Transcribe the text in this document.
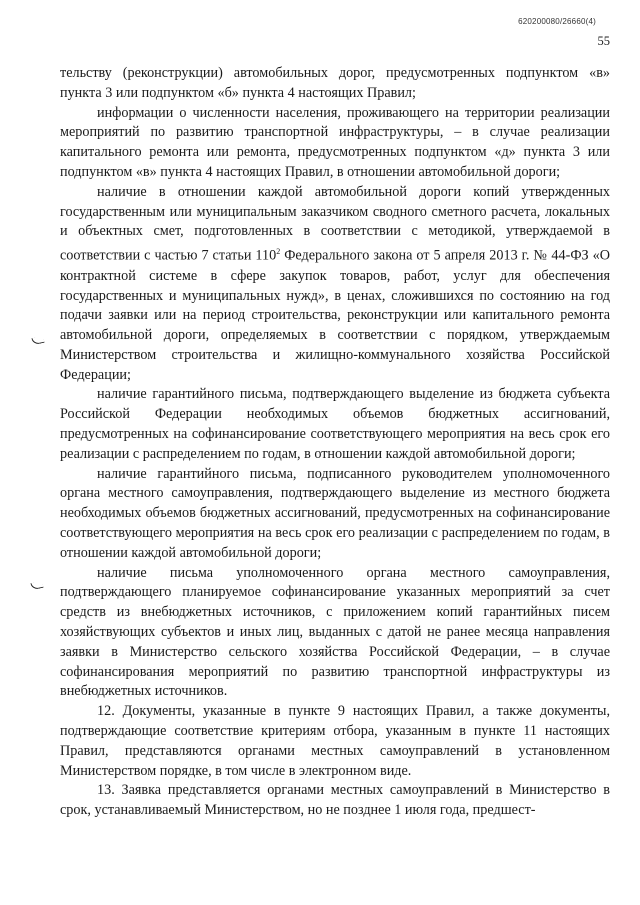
620200080/26660(4)
55

тельству (реконструкции) автомобильных дорог, предусмотренных подпунктом «в» пункта 3 или подпунктом «б» пункта 4 настоящих Правил;

информации о численности населения, проживающего на территории реализации мероприятий по развитию транспортной инфраструктуры, – в случае реализации капитального ремонта или ремонта, предусмотренных подпунктом «д» пункта 3 или подпунктом «в» пункта 4 настоящих Правил, в отношении автомобильной дороги;

наличие в отношении каждой автомобильной дороги копий утвержденных государственным или муниципальным заказчиком сводного сметного расчета, локальных и объектных смет, подготовленных в соответствии с методикой, утверждаемой в соответствии с частью 7 статьи $110^2$ Федерального закона от 5 апреля 2013 г. № 44-ФЗ «О контрактной системе в сфере закупок товаров, работ, услуг для обеспечения государственных и муниципальных нужд», в ценах, сложившихся по состоянию на год подачи заявки или на период строительства, реконструкции или капитального ремонта автомобильной дороги, определяемых в соответствии с порядком, утверждаемым Министерством строительства и жилищно-коммунального хозяйства Российской Федерации;

наличие гарантийного письма, подтверждающего выделение из бюджета субъекта Российской Федерации необходимых объемов бюджетных ассигнований, предусмотренных на софинансирование соответствующего мероприятия на весь срок его реализации с распределением по годам, в отношении каждой автомобильной дороги;

наличие гарантийного письма, подписанного руководителем уполномоченного органа местного самоуправления, подтверждающего выделение из местного бюджета необходимых объемов бюджетных ассигнований, предусмотренных на софинансирование соответствующего мероприятия на весь срок его реализации с распределением по годам, в отношении каждой автомобильной дороги;

наличие письма уполномоченного органа местного самоуправления, подтверждающего планируемое софинансирование указанных мероприятий за счет средств из внебюджетных источников, с приложением копий гарантийных писем хозяйствующих субъектов и иных лиц, выданных с датой не ранее месяца направления заявки в Министерство сельского хозяйства Российской Федерации, – в случае софинансирования мероприятий по развитию транспортной инфраструктуры из внебюджетных источников.

12. Документы, указанные в пункте 9 настоящих Правил, а также документы, подтверждающие соответствие критериям отбора, указанным в пункте 11 настоящих Правил, представляются органами местных самоуправлений в установленном Министерством порядке, в том числе в электронном виде.

13. Заявка представляется органами местных самоуправлений в Министерство в срок, устанавливаемый Министерством, но не позднее 1 июля года, предшест-
